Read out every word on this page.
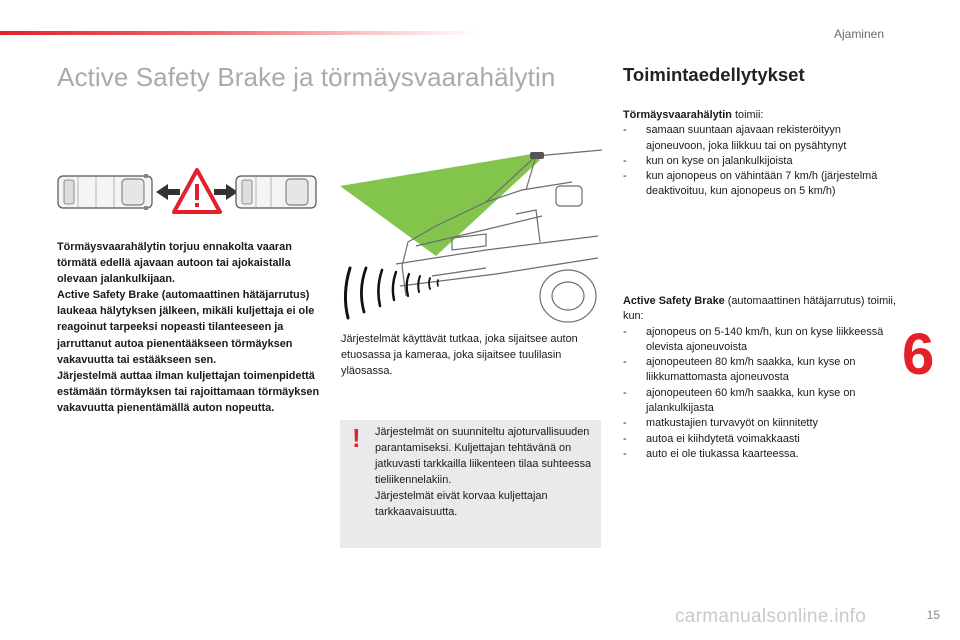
Ajaminen
Active Safety Brake ja törmäysvaarahälytin

Törmäysvaarahälytin torjuu ennakolta vaaran törmätä edellä ajavaan autoon tai ajokaistalla olevaan jalankulkijaan.

Active Safety Brake (automaattinen hätäjarrutus) laukeaa hälytyksen jälkeen, mikäli kuljettaja ei ole reagoinut tarpeeksi nopeasti tilanteeseen ja jarruttanut autoa pienentääkseen törmäyksen vakavuutta tai estääkseen sen.

Järjestelmä auttaa ilman kuljettajan toimenpidettä estämään törmäyksen tai rajoittamaan törmäyksen vakavuutta pienentämällä auton nopeutta.

Järjestelmät käyttävät tutkaa, joka sijaitsee auton etuosassa ja kameraa, joka sijaitsee tuulilasin yläosassa.
! Järjestelmät on suunniteltu ajoturvallisuuden parantamiseksi. Kuljettajan tehtävänä on jatkuvasti tarkkailla liikenteen tilaa suhteessa tieliikennelakiin.

Järjestelmät eivät korvaa kuljettajan tarkkaavaisuutta.

Toimintaedellytykset

Törmäysvaarahälytin toimii:

- samaan suuntaan ajavaan rekisteröityyn ajoneuvoon, joka liikkuu tai on pysähtynyt
- kun on kyse on jalankulkijoista
- kun ajonopeus on vähintään 7 km/h (järjestelmä deaktivoituu, kun ajonopeus on 5 km/h)

Active Safety Brake (automaattinen hätäjarrutus) toimii, kun:

- ajonopeus on 5-140 km/h, kun on kyse liikkeessä olevista ajoneuvoista
- ajonopeuteen 80 km/h saakka, kun kyse on liikkumattomasta ajoneuvosta
- ajonopeuteen 60 km/h saakka, kun kyse on jalankulkijasta
- matkustajien turvavyöt on kiinnitetty
- autoa ei kiihdytetä voimakkaasti
- auto ei ole tiukassa kaarteessa.
6
carmanualsonline.info	15
